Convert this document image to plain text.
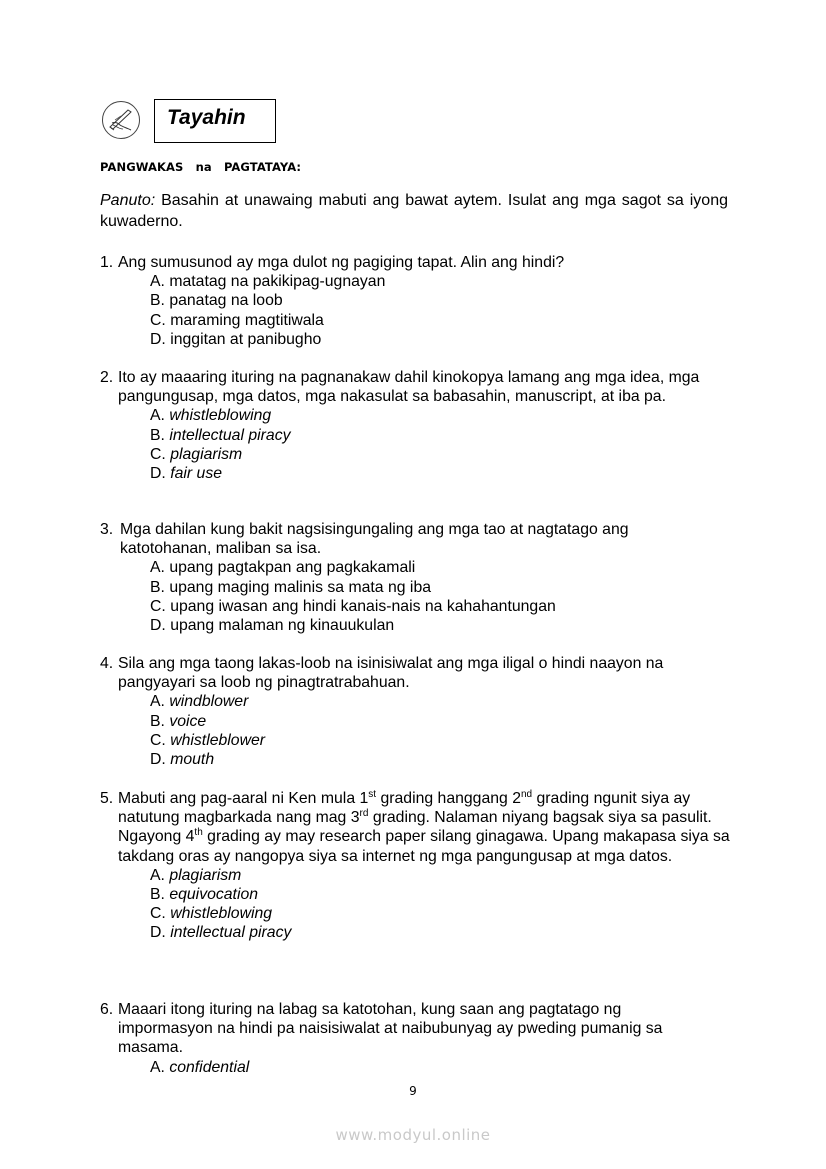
Tayahin
PANGWAKAS  na  PAGTATAYA:
Panuto: Basahin at unawaing mabuti ang bawat aytem. Isulat ang mga sagot sa iyong kuwaderno.
1. Ang sumusunod ay mga dulot ng pagiging tapat. Alin ang hindi?
A. matatag na pakikipag-ugnayan
B. panatag na loob
C. maraming magtitiwala
D. inggitan at panibugho
2. Ito ay maaaring ituring na pagnanakaw dahil kinokopya lamang ang mga idea, mga pangungusap, mga datos, mga nakasulat sa babasahin, manuscript, at iba pa.
A. whistleblowing
B. intellectual piracy
C. plagiarism
D. fair use
3. Mga dahilan kung bakit nagsisingungaling ang mga tao at nagtatago ang katotohanan, maliban sa isa.
A. upang pagtakpan ang pagkakamali
B. upang maging malinis sa mata ng iba
C. upang iwasan ang hindi kanais-nais na kahahantungan
D. upang malaman ng kinauukulan
4. Sila ang mga taong lakas-loob na isinisiwalat ang mga iligal o hindi naayon na pangyayari sa loob ng pinagtratrabahuan.
A. windblower
B. voice
C. whistleblower
D. mouth
5. Mabuti ang pag-aaral ni Ken mula 1st grading hanggang 2nd grading ngunit siya ay natutung magbarkada nang mag 3rd grading. Nalaman niyang bagsak siya sa pasulit. Ngayong 4th grading ay may research paper silang ginagawa. Upang makapasa siya sa takdang oras ay nangopya siya sa internet ng mga pangungusap at mga datos.
A. plagiarism
B. equivocation
C. whistleblowing
D. intellectual piracy
6. Maaari itong ituring na labag sa katotohan, kung saan ang pagtatago ng impormasyon na hindi pa naisisiwalat at naibubunyag ay pweding pumanig sa masama.
A. confidential
9
www.modyul.online
